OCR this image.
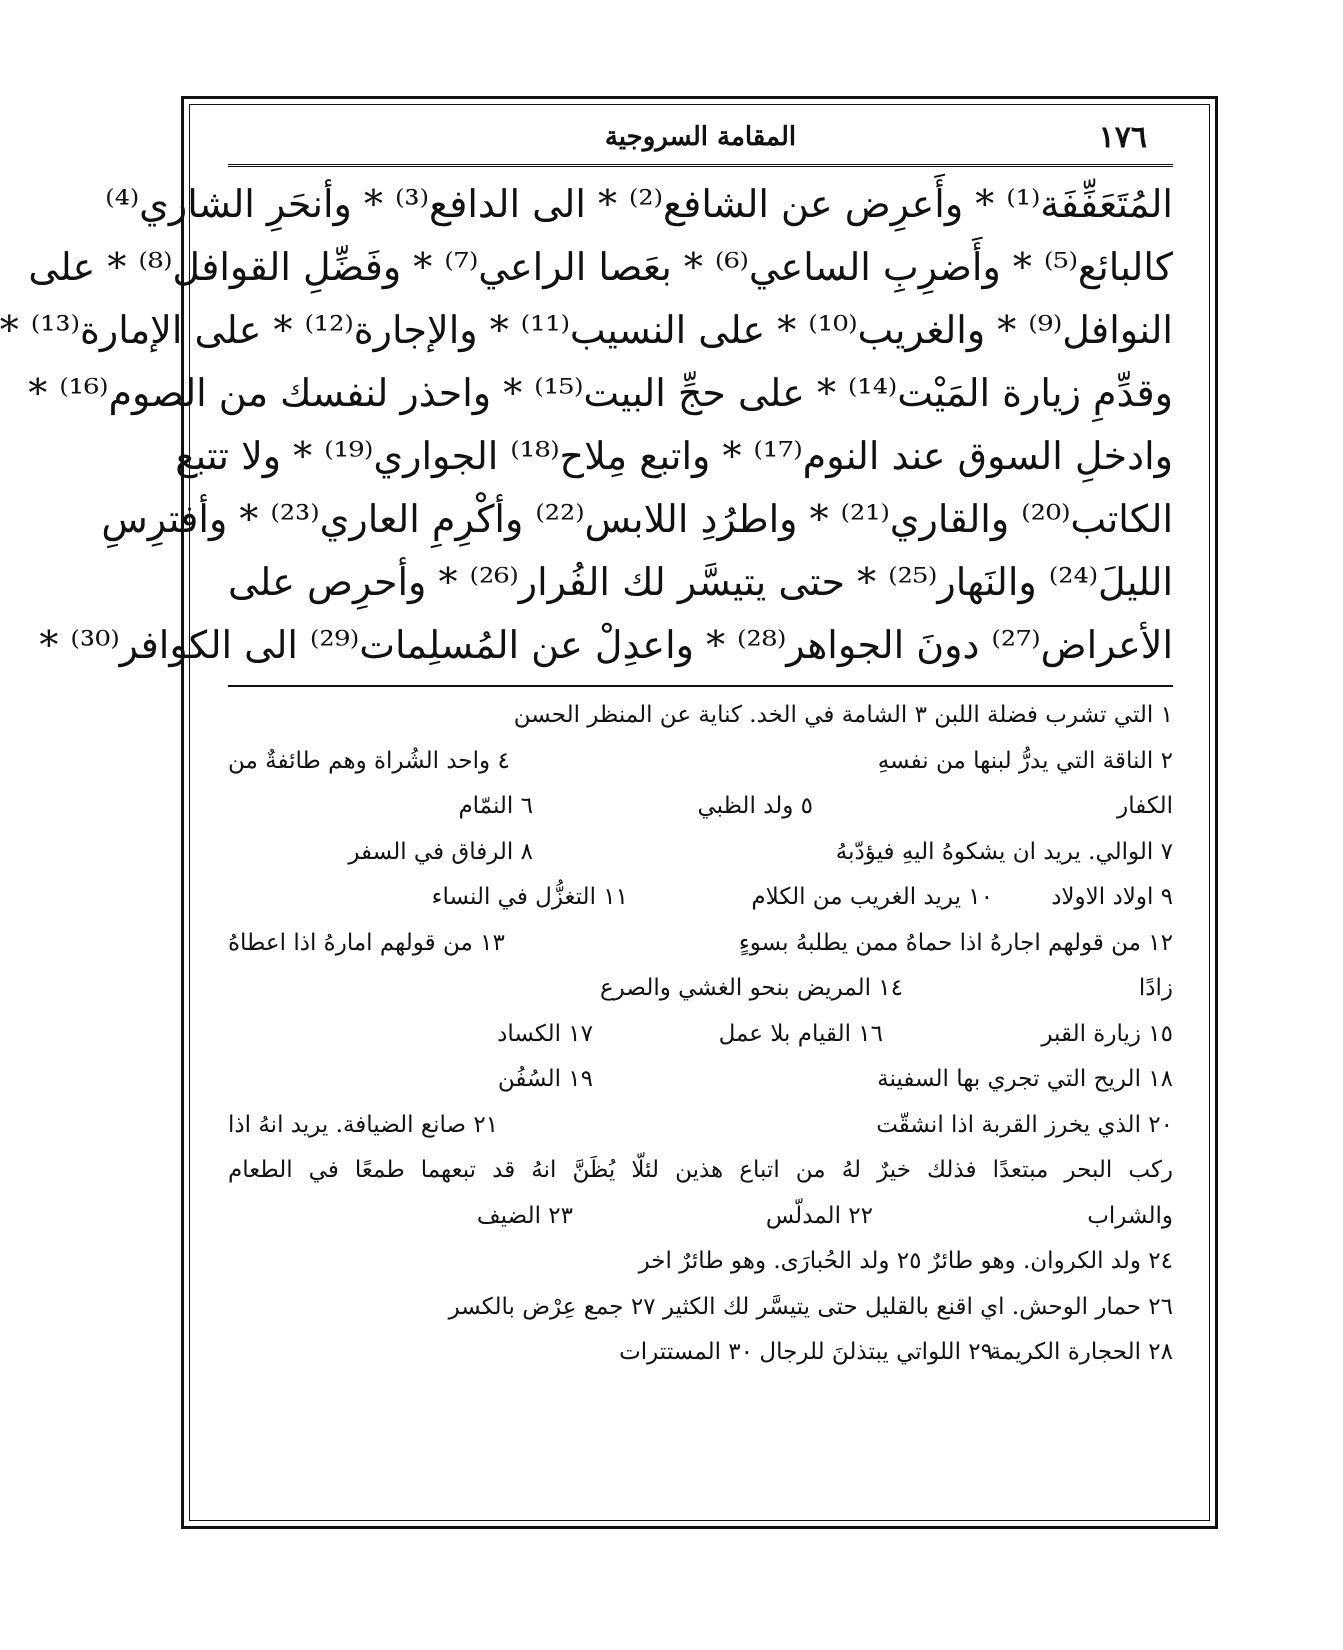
١٧٦
المقامة السروجية
المُتَعَفِّفَة⁽¹⁾ * وأَعرِض عن الشافع⁽²⁾ * الى الدافع⁽³⁾ * وأنحَرِ الشاري⁽⁴⁾
كالبائع⁽⁵⁾ * وأَضرِبِ الساعي⁽⁶⁾ * بعَصا الراعي⁽⁷⁾ * وفَضِّلِ القوافل⁽⁸⁾ * على
النوافل⁽⁹⁾ * والغريب⁽¹⁰⁾ * على النسيب⁽¹¹⁾ * والإجارة⁽¹²⁾ * على الإمارة⁽¹³⁾ *
وقدِّمِ زيارة المَيْت⁽¹⁴⁾ * على حجِّ البيت⁽¹⁵⁾ * واحذر لنفسك من الصوم⁽¹⁶⁾ *
وادخلِ السوق عند النوم⁽¹⁷⁾ * واتبع مِلاح⁽¹⁸⁾ الجواري⁽¹⁹⁾ * ولا تتبع
الكاتب⁽²⁰⁾ والقاري⁽²¹⁾ * واطرُدِ اللابس⁽²²⁾ وأكْرِمِ العاري⁽²³⁾ * وأفترِسِ
الليلَ⁽²⁴⁾ والنَهار⁽²⁵⁾ * حتى يتيسَّر لك الفُرار⁽²⁶⁾ * وأحرِص على
الأعراض⁽²⁷⁾ دونَ الجواهر⁽²⁸⁾ * واعدِلْ عن المُسلِمات⁽²⁹⁾ الى الكوافر⁽³⁰⁾ *
١ التي تشرب فضلة اللبن ٣ الشامة في الخد. كناية عن المنظر الحسن
٢ الناقة التي يدرُّ لبنها من نفسهِ
٤ واحد الشُراة وهم طائفةٌ من
الكفار
٥ ولد الظبي
٦ النمّام
٧ الوالي. يريد ان يشكوهُ اليهِ فيؤدّبهُ
٨ الرفاق في السفر
٩ اولاد الاولاد
١٠ يريد الغريب من الكلام
١١ التغزُّل في النساء
١٢ من قولهم اجارهُ اذا حماهُ ممن يطلبهُ بسوءٍ
١٣ من قولهم امارهُ اذا اعطاهُ
زادًا
١٤ المريض بنحو الغشي والصرع
١٥ زيارة القبر
١٦ القيام بلا عمل
١٧ الكساد
١٨ الريح التي تجري بها السفينة
١٩ السُفُن
٢٠ الذي يخرز القربة اذا انشقّت
٢١ صانع الضيافة. يريد انهُ اذا
ركب البحر مبتعدًا فذلك خيرٌ لهُ من اتباع هذين لئلّا يُظَنَّ انهُ قد تبعهما طمعًا في الطعام
والشراب
٢٢ المدلّس
٢٣ الضيف
٢٤ ولد الكروان. وهو طائرٌ ٢٥ ولد الحُبارَى. وهو طائرٌ اخر
٢٦ حمار الوحش. اي اقنع بالقليل حتى يتيسَّر لك الكثير ٢٧ جمع عِرْض بالكسر
٢٨ الحجارة الكريمة
٢٩ اللواتي يبتذلنَ للرجال
٣٠ المستترات
